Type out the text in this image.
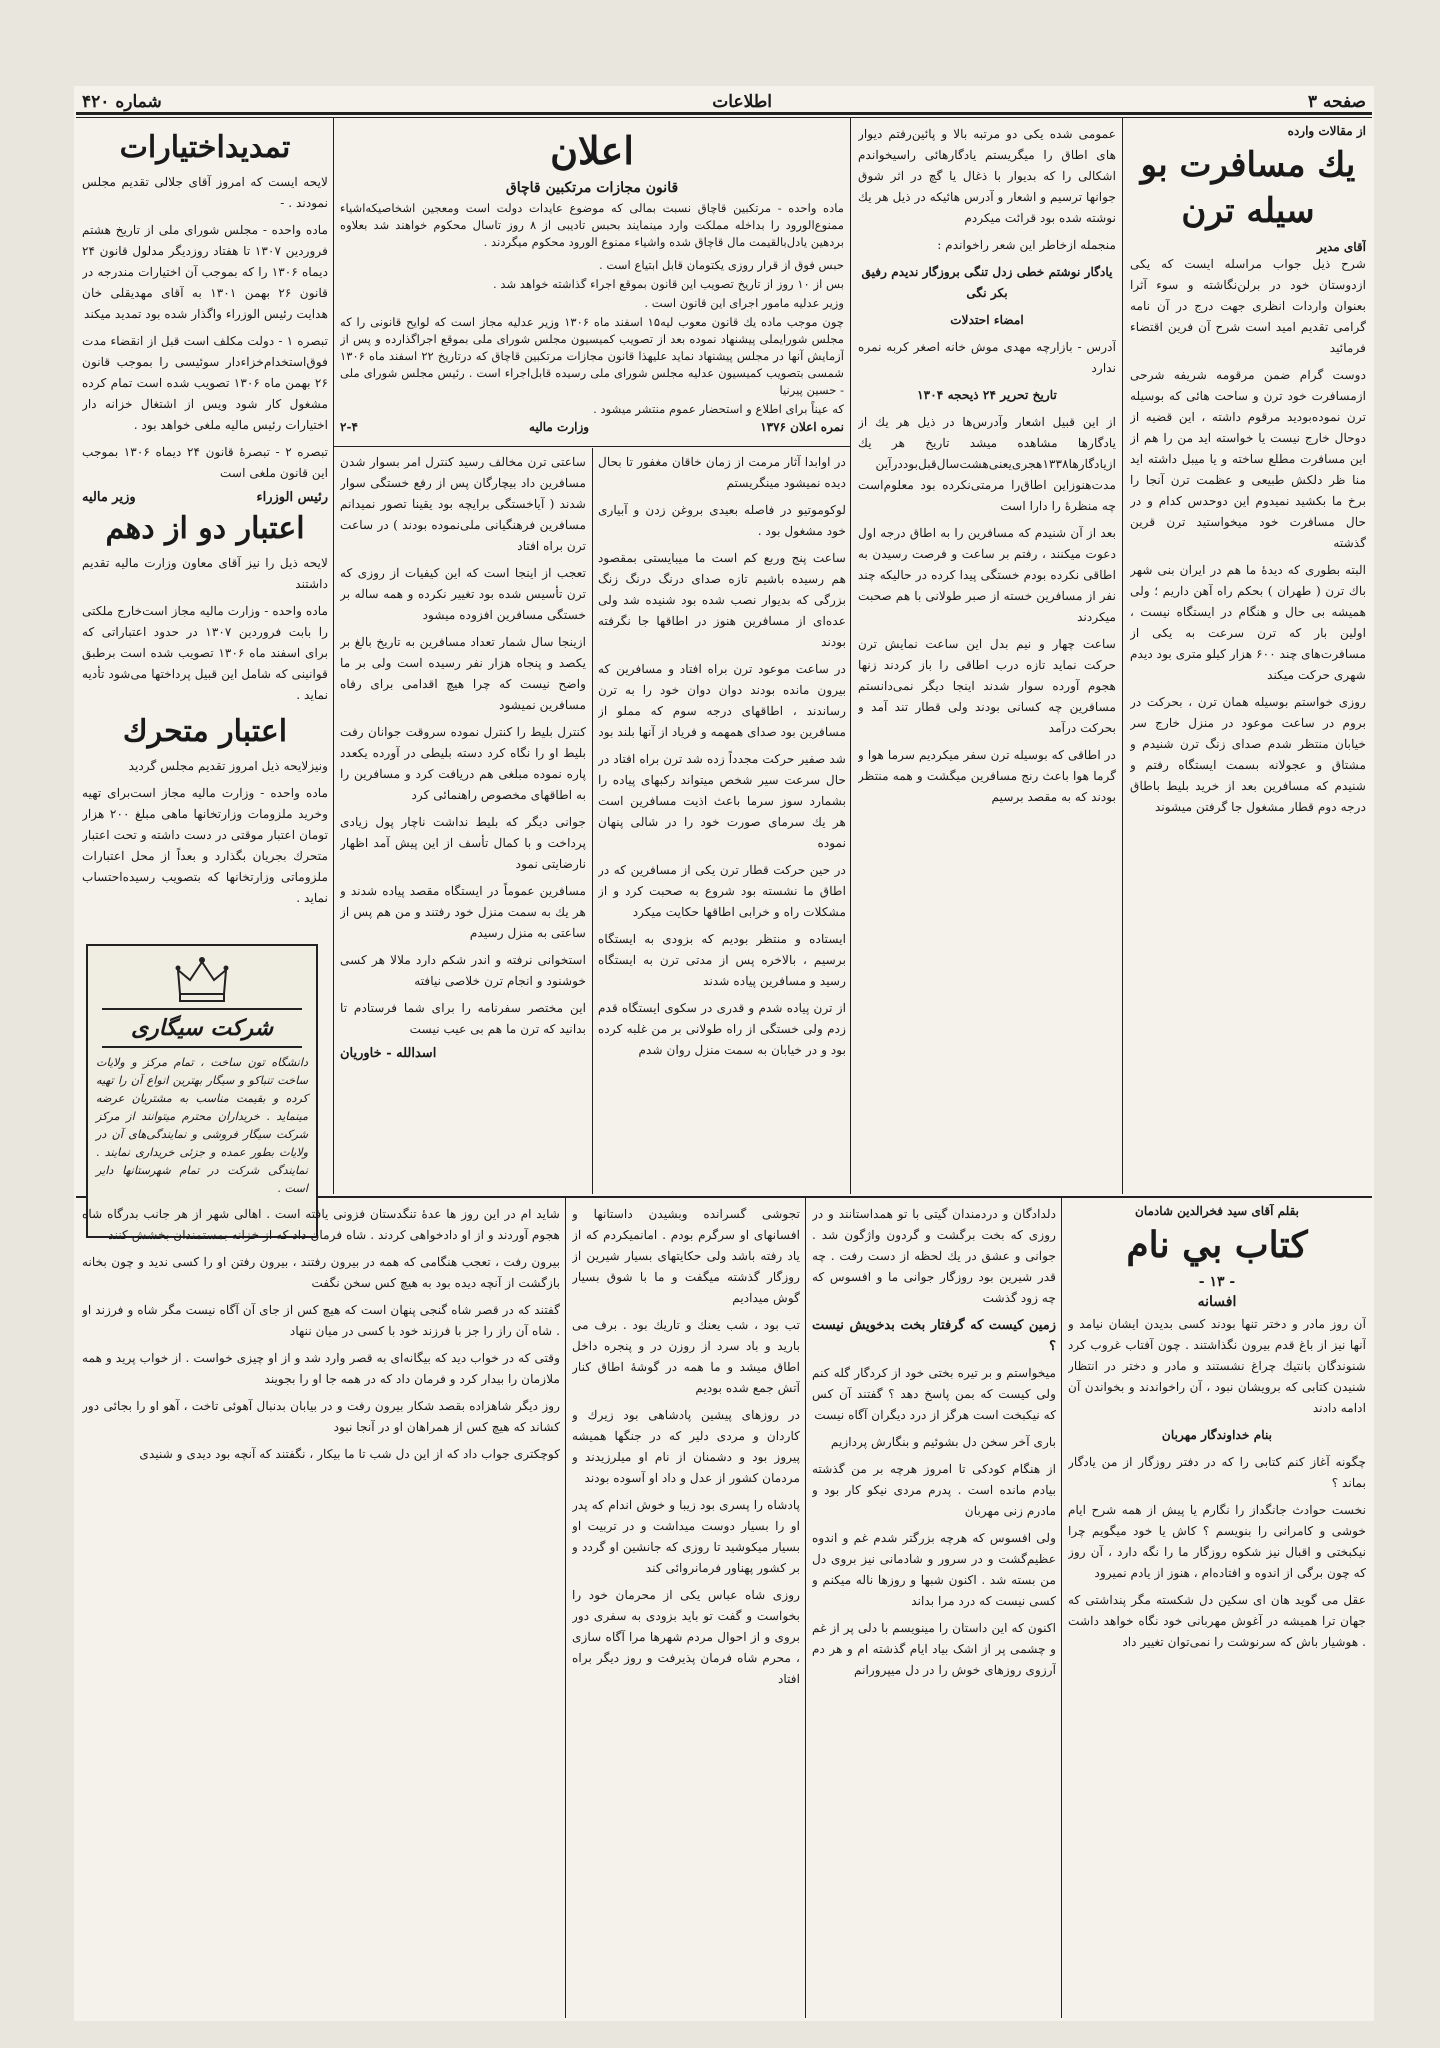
صفحه ۳
اطلاعات
شماره ۴۲۰
از مقالات وارده
يك مسافرت بو سيله ترن
آقای مدیر

شرح ذیل جواب مراسله ایست که یکی ازدوستان خود در برلن‌نگاشته و سوء آثرا بعنوان واردات انظری جهت درج در آن نامه گرامی تقدیم امید است شرح آن فرین اقتضاء فرمائید

دوست گرام ضمن مرقومه شریفه شرحی ازمسافرت خود ترن و ساحت هائی که بوسیله ترن نموده‌بودید مرقوم داشته ، این قضیه از دوحال خارج نیست یا خواسته اید من را هم از این مسافرت مطلع ساخته و یا میبل داشته اید منا ظر دلکش طبیعی و عظمت ترن آنجا را برخ ما بکشید نمیدوم این دوحدس کدام و در حال مسافرت خود میخواستید ترن قرین گذشته

البته بطوری که دیدهٔ ما هم در ایران بنی شهر باك ترن ( طهران ) بحکم راه آهن داریم ؛ ولی همیشه بی حال و هنگام در ایستگاه نیست ، اولین بار که ترن سرعت به یکی از مسافرت‌های چند ۶۰۰ هزار کیلو متری بود دیدم شهری حرکت میکند

روزی خواستم بوسیله همان ترن ، بحرکت در بروم در ساعت موعود در منزل خارج سر خیابان منتظر شدم صدای زنگ ترن شنیدم و مشتاق و عجولانه بسمت ایستگاه رفتم و شنیدم که مسافرین بعد از خرید بلیط باطاق درجه دوم قطار مشغول جا گرفتن میشوند

عمومی شده یکی دو مرتبه بالا و پائین‌رفتم دیوار های اطاق را میگریستم یادگارهائی راسیخوا‌ندم اشکالی را که بدیوار با ذغال یا گچ در اثر شوق جوانها ترسیم و اشعار و آدرس هائیکه در ذیل هر یك نوشته شده بود قرائت میکردم

منجمله ازخاطر این شعر راخواندم :

یادگار نوشتم خطی زدل تنگی بروزگار ندیدم رفیق بکر نگی

امضاء احتدلات

آدرس - بازارچه مهدی موش خانه اصغر کربه نمره ندارد

تاریخ تحریر ۲۴ ذیحجه ۱۳۰۴

از این قبیل اشعار وآدرس‌ها در ذیل هر یك از یادگارها مشاهده میشد تاریخ هر یك ازیادگارها۱۳۳۸هجری‌یعنی‌هشت‌سال‌قبل‌بوددرآین مدت‌هنوز‌این اطاق‌را مرمتی‌نکرده بود معلوم‌است چه منظرهٔ را دارا است

بعد از آن شنیدم که مسافرین را به اطاق درجه اول دعوت میکنند ، رفتم بر ساعت و فرصت رسیدن به اطاقی نکرده بودم خستگی پیدا کرده در حالیکه چند نفر از مسافرین خسته از صبر طولانی با هم صحبت میکردند

ساعت چهار و نیم بدل این ساعت نمایش ترن حرکت نماید تازه درب اطاقی را باز کردند زنها هجوم آورده سوار شدند اینجا دیگر نمی‌دانستم مسافرین چه کسانی بودند ولی قطار تند آمد و بحرکت درآمد

در اطاقی که بوسیله ترن سفر میکردیم سرما هوا و گرما هوا باعث رنج مسافرین میگشت و همه منتظر بودند که به مقصد برسیم

اعلان
قانون مجازات مرتکبین قاچاق

ماده واحده - مرتکبین قاچاق نسبت بمالی که موضوع عایدات دولت است ومعجین اشخاصیکه‌اشیاء ممنوع‌الورود را بداخله مملکت وارد مینمایند بحبس تادیبی از ۸ روز تا‌سال محکوم خواهند شد بعلاوه بردهین یادل‌بالقیمت مال قاچاق شده واشیاء ممنوع الورود محکوم میگردند .

حبس فوق از قرار روزی یکتومان قابل ابتیاع است .

بس از ۱۰ روز از تاریخ تصویب این قانون بموقع اجراء گذاشته خواهد شد .

وزیر عدلیه مامور اجرای این قانون است .

چون موجب ماده یك قانون معوب لیه‌۱۵ اسفند ماه ۱۳۰۶ وزیر عدلیه مجاز است که لوایح قانونی را که مجلس شورایملی پیشنهاد نموده بعد از تصویب کمیسیون مجلس شورای ملی بموقع اجراگذارده و پس از آزمایش آنها در مجلس پیشنهاد نماید علیهذا قانون مجازات مرتکبین قاچاق که درتاریخ ۲۲ اسفند ماه ۱۳۰۶ شمسی بتصویب کمیسیون عدلیه مجلس شورای ملی رسیده قابل‌اجراء است . رئیس مجلس شورای ملی - حسین پیرنیا

که عیناً برای اطلاع و استحضار عموم منتشر میشود .

نمره اعلان ۱۳۷۶
وزارت ماليه
۲-۴

در اوابدا آثار مرمت از زمان خاقان مغفور تا بحال دیده نمیشود مینگریستم

لوکوموتیو در فاصله بعیدی بروغن زدن و آبیاری خود مشغول بود .

ساعت پنج وربع کم است ما میبایستی بمقصود هم رسیده باشیم تازه صدای درنگ درنگ زنگ بزرگی که بدیوار نصب شده بود شنیده شد ولی عده‌ای از مسافرین هنوز در اطاقها جا نگرفته بودند

در ساعت موعود ترن براه افتاد و مسافرین که بیرون مانده بودند دوان دوان خود را به ترن رساندند ، اطاقهای درجه سوم که مملو از مسافرین بود صدای همهمه و فریاد از آنها بلند بود

شد صفیر حرکت مجدداً زده شد ترن براه افتاد در حال سرعت سیر شخص میتواند رکبهای پیاده را بشمارد سوز سرما باعث اذیت مسافرین است هر یك سرمای صورت خود را در شالی پنهان نموده

در حین حرکت قطار ترن یکی از مسافرین که در اطاق ما نشسته بود شروع به صحبت کرد و از مشکلات راه و خرابی اطاقها حکایت میکرد

ایستاده و منتظر بودیم که بزودی به ایستگاه برسیم ، بالاخره پس از مدتی ترن به ایستگاه رسید و مسافرین پیاده شدند

از ترن پیاده شدم و قدری در سکوی ایستگاه قدم زدم ولی خستگی از راه طولانی بر من غلبه کرده بود و در خیابان به سمت منزل روان شدم

ساعتی ترن مخالف رسید کنترل امر بسوار شدن مسافرین داد بیچارگان پس از رفع خستگی سوار شدند ( آیاخستگی برایچه بود یقینا تصور نمیدانم مسافرین فرهنگیانی ملی‌نموده بودند ) در ساعت ترن براه افتاد

تعجب از اینجا است که این کیفیات از روزی که ترن تأسیس شده بود تغییر نکرده و همه ساله بر خستگی مسافرین افزوده میشود

ازینجا سال شمار تعداد مسافرین به تاریخ بالغ بر یکصد و پنجاه هزار نفر رسیده است ولی بر ما واضح نیست که چرا هیچ اقدامی برای رفاه مسافرین نمیشود

کنترل بلیط را کنترل نموده سروقت جوانان رفت بلیط او را نگاه کرد دسته بلیطی در آورده یکعدد پاره نموده مبلغی هم دریافت کرد و مسافرین را به اطاقهای مخصوص راهنمائی کرد

جوانی دیگر که بلیط نداشت ناچار پول زیادی پرداخت و با کمال تأسف از این پیش آمد اظهار نارضایتی نمود

مسافرین عموماً در ایستگاه مقصد پیاده شدند و هر یك به سمت منزل خود رفتند و من هم پس از ساعتی به منزل رسیدم

استخوانی نرفته و اندر شکم دارد ملالا هر کسی خوشنود و انجام ترن خلاصی نیافته

این مختصر سفرنامه را برای شما فرستادم تا بدانید که ترن ما هم بی عیب نیست

اسدالله - خاوریان
تمديداختيارات

لایحه ایست که امروز آقای جلالی تقدیم مجلس نمودند . -

ماده واحده - مجلس شورای ملی از تاریخ هشتم فروردین ۱۳۰۷ تا هفتاد روزدیگر مدلول قانون ۲۴ دیماه ۱۳۰۶ را که بموجب آن اختیارات مندرجه در قانون ۲۶ بهمن ۱۳۰۱ به آقای مهدیقلی خان هدایت رئیس الوزراء واگذار شده بود تمدید میکند

تبصره ۱ - دولت مکلف است قبل از انقضاء مدت فوق‌استخدام‌خزاء‌دار سوئیسی را بموجب قانون ۲۶ بهمن ماه ۱۳۰۶ تصویب شده است تمام کرده مشغول کار شود ویس از اشتغال خزانه دار اختیارات رئیس مالیه ملغی خواهد بود .

تبصره ۲ - تبصرهٔ قانون ۲۴ دیماه ۱۳۰۶ بموجب این قانون ملغی است

رئیس الوزراء
وزیر مالیه
اعتبار دو از دهم

لایحه ذیل را نیز آقای معاون وزارت مالیه تقدیم داشتند

ماده واحده - وزارت مالیه مجاز است‌خارج ملکتی را بابت فروردین ۱۳۰۷ در حدود اعتباراتی که برای اسفند ماه ۱۳۰۶ تصویب شده است برطبق قوانینی که شامل این قبیل پرداختها می‌شود تأدیه نماید .

اعتبار متحرك

ونیزلایحه ذیل امروز تقدیم مجلس گردید

ماده واحده - وزارت مالیه مجاز است‌برای تهیه وخرید ملزومات وزارتخانها ماهی مبلغ ۲۰۰ هزار تومان اعتبار موقتی در دست داشته و تحت اعتبار متحرك بجریان بگذارد و بعداً از محل اعتبارات ملزوماتی وزارتخانها که بتصویب رسیده‌احتساب نماید .

شرکت سیگاری
دانشگاه تون ساخت ، تمام مرکز و ولایات ساخت تنباکو و سیگار بهترین انواع آن را تهیه کرده و بقیمت مناسب به مشتریان عرضه مینماید . خریداران محترم میتوانند از مرکز شرکت سیگار فروشی و نمایندگی‌های آن در ولایات بطور عمده و جزئی خریداری نمایند . نمایندگی شرکت در تمام شهرستانها دایر است .
بقلم آقای سید فخرالدین شادمان
كتاب بي نام
- ۱۳ -
افسانه

آن روز مادر و دختر تنها بودند کسی بدیدن ایشان نیامد و آنها نیز از باغ قدم بیرون نگذاشتند . چون آفتاب غروب کرد شنوندگان بانتیك چراغ نشستند و مادر و دختر در انتظار شنیدن کتابی که برویشان نبود ، آن راخواندند و بخواندن آن ادامه دادند

بنام خداوندگار مهربان

چگونه آغاز کنم کتابی را که در دفتر روزگار از من یادگار بماند ؟

نخست حوادث جانگداز را نگارم یا پیش از همه شرح ایام خوشی و کامرانی را بنویسم ؟ کاش یا خود میگویم چرا نیکبختی و اقبال نیز شکوه روزگار ما را نگه دارد ، آن روز که چون برگی از اندوه و افتاده‌ام ، هنوز از یادم نمیرود

عقل می گوید هان ای سکین دل شکسته مگر پنداشتی که جهان ترا همیشه در آغوش مهربانی خود نگاه خواهد داشت . هوشیار باش که سرنوشت را نمی‌توان تغییر داد

دلدادگان و دردمندان گیتی با تو همداستانند و در روزی که بخت برگشت و گردون واژگون شد . جوانی و عشق در یك لحظه از دست رفت . چه قدر شیرین بود روزگار جوانی ما و افسوس که چه زود گذشت

زمین کیست که گرفتار بخت بدخویش نیست ؟

میخواستم و بر تیره بختی خود از کردگار گله کنم ولی کیست که بمن پاسخ دهد ؟ گفتند آن کس که نیکبخت است هرگز از درد دیگران آگاه نیست

بارى آخر سخن دل بشوئیم و بنگارش پردازیم

از هنگام کودکی تا امروز هرچه بر من گذشته بیادم مانده است . پدرم مردی نیکو کار بود و مادرم زنی مهربان

ولی افسوس که هرچه بزرگتر شدم غم و اندوه عظیم‌گشت و در سرور و شادمانی نیز بروی دل من بسته شد . اکنون شبها و روزها ناله میکنم و کسی نیست که درد مرا بداند

اکنون که این داستان را مینویسم با دلی پر از غم و چشمی پر از اشک بیاد ایام گذشته ام و هر دم آرزوی روزهای خوش را در دل میپرورانم

تجوشی گسرانده وبشیدن داستانها و افسانهای او سرگرم بودم . امانمیکردم که از یاد رفته باشد ولی حکایتهای بسیار شیرین از روزگار گذشته میگفت و ما با شوق بسیار گوش میدادیم

تب بود ، شب یعنك و تاریك بود . برف می بارید و باد سرد از روزن در و پنجره داخل اطاق میشد و ما همه در گوشهٔ اطاق کنار آتش جمع شده بودیم

در روزهای پیشین پادشاهی بود زیرك و کاردان و مردی دلیر که در جنگها همیشه پیروز بود و دشمنان از نام او میلرزیدند و مردمان کشور از عدل و داد او آسوده بودند

پادشاه را پسری بود زیبا و خوش اندام که پدر او را بسیار دوست میداشت و در تربیت او بسیار میکوشید تا روزی که جانشین او گردد و بر کشور پهناور فرمانروائی کند

روزی شاه عباس یکی از محرمان خود را بخواست و گفت تو باید بزودی به سفری دور بروی و از احوال مردم شهرها مرا آگاه سازی ، محرم شاه فرمان پذیرفت و روز دیگر براه افتاد

شاید ام در این روز ها عدهٔ تنگدستان فزونی یافته است . اهالی شهر از هر جانب بدرگاه شاه هجوم آوردند و از او دادخواهی کردند . شاه فرمان داد که از خزانه بمستمندان بخشش کنند

بیرون رفت ، تعجب هنگامی که همه در بیرون رفتند ، بیرون رفتن او را کسی ندید و چون بخانه بازگشت از آنچه دیده بود به هیچ کس سخن نگفت

گفتند که در قصر شاه گنجی پنهان است که هیچ کس از جای آن آگاه نیست مگر شاه و فرزند او . شاه آن راز را جز با فرزند خود با کسی در میان ننهاد

وقتی که در خواب دید که بیگانه‌ای به قصر وارد شد و از او چیزی خواست . از خواب پرید و همه ملازمان را بیدار کرد و فرمان داد که در همه جا او را بجویند

روز دیگر شاهزاده بقصد شکار بیرون رفت و در بیابان بدنبال آهوئی تاخت ، آهو او را بجائی دور کشاند که هیچ کس از همراهان او در آنجا نبود

کوچکتری جواب داد که از این دل شب تا ما بیکار ، نگفتند که آنچه بود دیدی و شنیدی
